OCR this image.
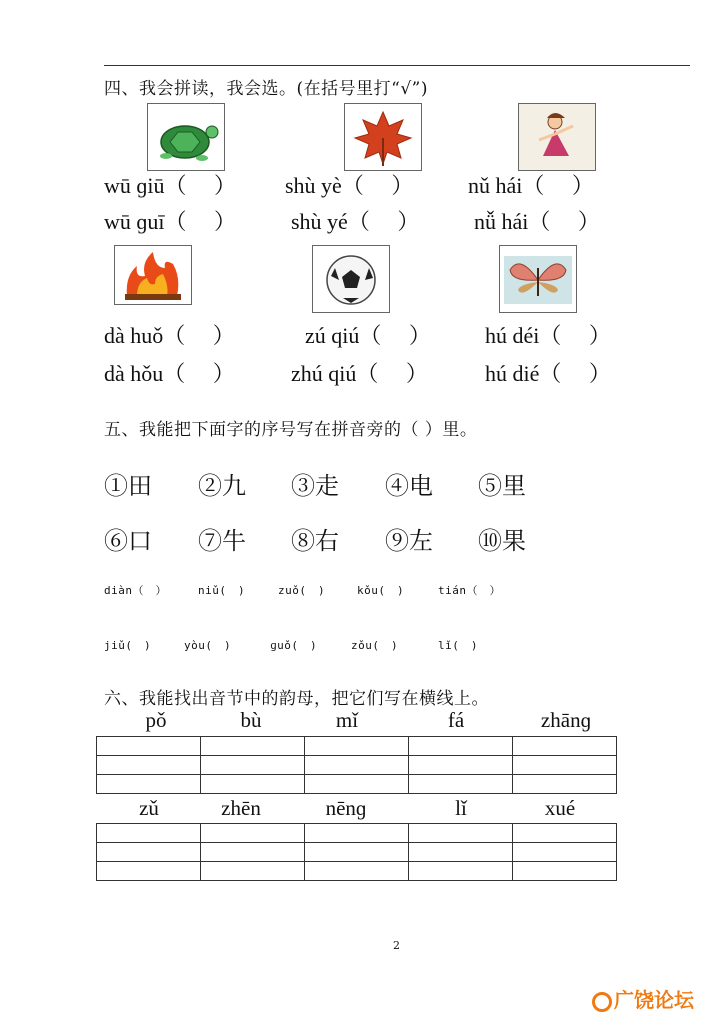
四、我会拼读，我会选。(在括号里打“√”)
wū ɡiū（　 ） shù yè（　 ） nǔ hái（　 ）
wū ɡuī（　 ） shù yé（　 ） nǚ hái（　 ）
dà huǒ（　 ）	zú qiú（　 ） hú déi（　 ）
dà hǒu（　 ）	zhú qiú（　 ）	hú dié（　 ）
五、我能把下面字的序号写在拼音旁的（ ）里。
①田 ②九 ③走 ④电 ⑤里
⑥口 ⑦牛 ⑧右 ⑨左 ⑩果
diàn（　）	niǔ(　)	zuǒ(　)	kǒu(　)	tián（　）
jiǔ(　)	yòu(　)	ɡuǒ(　)	zǒu(　)	lǐ(　)
六、我能找出音节中的韵母，把它们写在横线上。
pǒ	bù	mǐ	fá	zhānɡ

zǔ	zhēn	nēnɡ	lǐ	xué

2
广饶论坛
